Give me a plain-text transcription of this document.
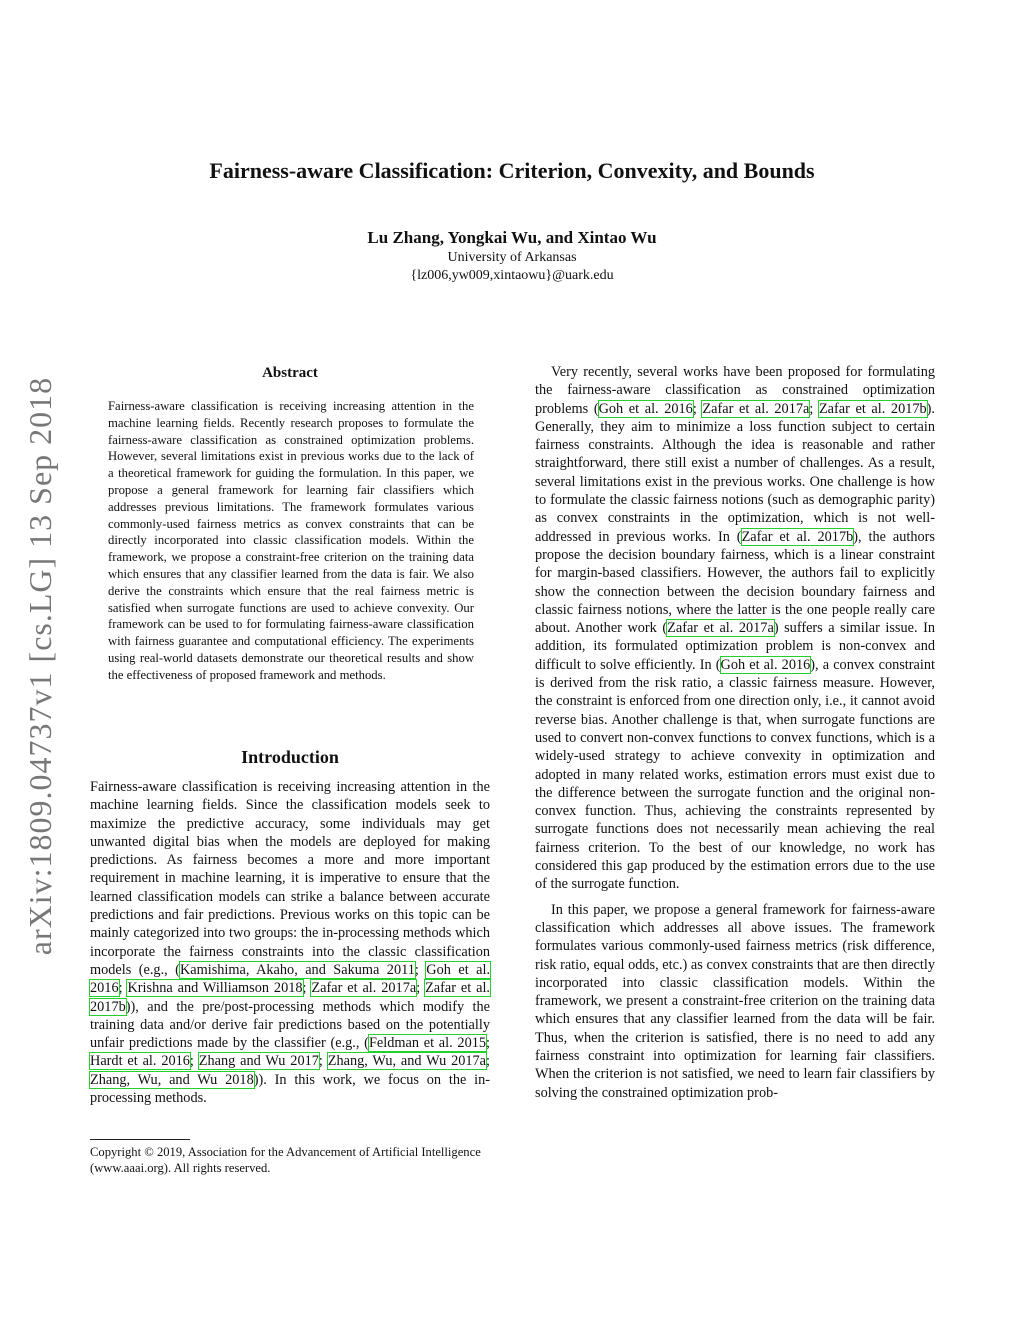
Fairness-aware Classification: Criterion, Convexity, and Bounds
Lu Zhang, Yongkai Wu, and Xintao Wu
University of Arkansas
{lz006,yw009,xintaowu}@uark.edu
arXiv:1809.04737v1 [cs.LG] 13 Sep 2018
Abstract
Fairness-aware classification is receiving increasing attention in the machine learning fields. Recently research proposes to formulate the fairness-aware classification as constrained optimization problems. However, several limitations exist in previous works due to the lack of a theoretical framework for guiding the formulation. In this paper, we propose a general framework for learning fair classifiers which addresses previous limitations. The framework formulates various commonly-used fairness metrics as convex constraints that can be directly incorporated into classic classification models. Within the framework, we propose a constraint-free criterion on the training data which ensures that any classifier learned from the data is fair. We also derive the constraints which ensure that the real fairness metric is satisfied when surrogate functions are used to achieve convexity. Our framework can be used to for formulating fairness-aware classification with fairness guarantee and computational efficiency. The experiments using real-world datasets demonstrate our theoretical results and show the effectiveness of proposed framework and methods.
Introduction
Fairness-aware classification is receiving increasing attention in the machine learning fields. Since the classification models seek to maximize the predictive accuracy, some individuals may get unwanted digital bias when the models are deployed for making predictions. As fairness becomes a more and more important requirement in machine learning, it is imperative to ensure that the learned classification models can strike a balance between accurate predictions and fair predictions. Previous works on this topic can be mainly categorized into two groups: the in-processing methods which incorporate the fairness constraints into the classic classification models (e.g., (Kamishima, Akaho, and Sakuma 2011; Goh et al. 2016; Krishna and Williamson 2018; Zafar et al. 2017a; Zafar et al. 2017b)), and the pre/post-processing methods which modify the training data and/or derive fair predictions based on the potentially unfair predictions made by the classifier (e.g., (Feldman et al. 2015; Hardt et al. 2016; Zhang and Wu 2017; Zhang, Wu, and Wu 2017a; Zhang, Wu, and Wu 2018)). In this work, we focus on the in-processing methods.
Copyright © 2019, Association for the Advancement of Artificial Intelligence (www.aaai.org). All rights reserved.

Very recently, several works have been proposed for formulating the fairness-aware classification as constrained optimization problems (Goh et al. 2016; Zafar et al. 2017a; Zafar et al. 2017b). Generally, they aim to minimize a loss function subject to certain fairness constraints. Although the idea is reasonable and rather straightforward, there still exist a number of challenges. As a result, several limitations exist in the previous works. One challenge is how to formulate the classic fairness notions (such as demographic parity) as convex constraints in the optimization, which is not well-addressed in previous works. In (Zafar et al. 2017b), the authors propose the decision boundary fairness, which is a linear constraint for margin-based classifiers. However, the authors fail to explicitly show the connection between the decision boundary fairness and classic fairness notions, where the latter is the one people really care about. Another work (Zafar et al. 2017a) suffers a similar issue. In addition, its formulated optimization problem is non-convex and difficult to solve efficiently. In (Goh et al. 2016), a convex constraint is derived from the risk ratio, a classic fairness measure. However, the constraint is enforced from one direction only, i.e., it cannot avoid reverse bias. Another challenge is that, when surrogate functions are used to convert non-convex functions to convex functions, which is a widely-used strategy to achieve convexity in optimization and adopted in many related works, estimation errors must exist due to the difference between the surrogate function and the original non-convex function. Thus, achieving the constraints represented by surrogate functions does not necessarily mean achieving the real fairness criterion. To the best of our knowledge, no work has considered this gap produced by the estimation errors due to the use of the surrogate function.

In this paper, we propose a general framework for fairness-aware classification which addresses all above issues. The framework formulates various commonly-used fairness metrics (risk difference, risk ratio, equal odds, etc.) as convex constraints that are then directly incorporated into classic classification models. Within the framework, we present a constraint-free criterion on the training data which ensures that any classifier learned from the data will be fair. Thus, when the criterion is satisfied, there is no need to add any fairness constraint into optimization for learning fair classifiers. When the criterion is not satisfied, we need to learn fair classifiers by solving the constrained optimization prob-
